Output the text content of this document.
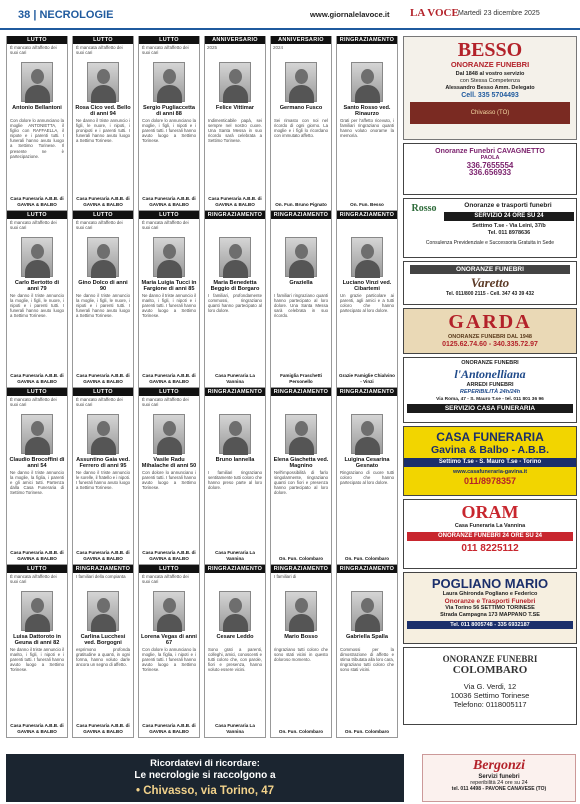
38 | NECROLOGIE	www.giornalelavoce.it LA VOCE Martedì 23 dicembre 2025
LUTTO
È mancato all'affetto dei suoi cari
Antonio Bellantoni
Con dolore lo annunciano la moglie ANTONIETTA, il figlio con RAFFAELLA, il nipote e i parenti tutti. I funerali hanno avuto luogo a Settimo Torinese. Il presente ne è partecipazione.
Casa Funeraria A.B.B. di GAVINA & BALBO
LUTTO
È mancato all'affetto dei suoi cari
Carlo Bertotto di anni 79
Ne danno il triste annuncio la moglie, i figli, le nuore, i nipoti e i parenti tutti. I funerali hanno avuto luogo a Settimo Torinese.
Casa Funeraria A.B.B. di GAVINA & BALBO
LUTTO
È mancato all'affetto dei suoi cari
Claudio Brocoffini di anni 54
Ne danno il triste annuncio la moglie, la figlia, i parenti e gli amici tutti. Partenza dalla Casa Funeraria di Settimo Torinese.
Casa Funeraria A.B.B. di GAVINA & BALBO
LUTTO
È mancata all'affetto dei suoi cari
Luisa Dattoroto in Geuna di anni 82
Ne danno il triste annuncio il marito, i figli, i nipoti e i parenti tutti. I funerali hanno avuto luogo a Settimo Torinese.
Casa Funeraria A.B.B. di GAVINA & BALBO
LUTTO
È mancata all'affetto dei suoi cari
Rosa Cico ved. Bello di anni 94
Ne danno il triste annuncio i figli, le nuore, i nipoti, i pronipoti e i parenti tutti. I funerali hanno avuto luogo a Settimo Torinese.
Casa Funeraria A.B.B. di GAVINA & BALBO
LUTTO
È mancato all'affetto dei suoi cari
Gino Dolco di anni 90
Ne danno il triste annuncio la moglie, i figli, le nuore, i nipoti e i parenti tutti. I funerali hanno avuto luogo a Settimo Torinese.
Casa Funeraria A.B.B. di GAVINA & BALBO
LUTTO
È mancato all'affetto dei suoi cari
Assuntino Gaia ved. Ferrero di anni 95
Ne danno il triste annuncio le sorelle, il fratello e i nipoti. I funerali hanno avuto luogo a Settimo Torinese.
Casa Funeraria A.B.B. di GAVINA & BALBO
RINGRAZIAMENTO
I familiari della compianta
Carlina Lucchesi ved. Borgogni
esprimono profonda gratitudine a quanti, in ogni forma, hanno voluto darle ancora un segno di affetto.
Casa Funeraria A.B.B. di GAVINA & BALBO
LUTTO
È mancato all'affetto dei suoi cari
Sergio Pugliaccetta di anni 88
Con dolore lo annunciano la moglie, i figli, i nipoti e i parenti tutti. I funerali hanno avuto luogo a Settimo Torinese.
Casa Funeraria A.B.B. di GAVINA & BALBO
LUTTO
È mancata all'affetto dei suoi cari
Maria Luigia Tucci in Fargione di anni 85
Ne danno il triste annuncio il marito, i figli, i nipoti e i parenti tutti. I funerali hanno avuto luogo a Settimo Torinese.
Casa Funeraria A.B.B. di GAVINA & BALBO
LUTTO
È mancato all'affetto dei suoi cari
Vasile Radu Mihalache di anni 50
Con dolore lo annunciano i parenti tutti. I funerali hanno avuto luogo a Settimo Torinese.
Casa Funeraria A.B.B. di GAVINA & BALBO
LUTTO
È mancata all'affetto dei suoi cari
Lorena Vegas di anni 67
Con dolore lo annunciano la moglie, la figlia, i nipoti e i parenti tutti. I funerali hanno avuto luogo a Settimo Torinese.
Casa Funeraria A.B.B. di GAVINA & BALBO
ANNIVERSARIO
2025
Felice Vittimar
Indimenticabile papà, sei sempre nel nostro cuore. Una Santa Messa in suo ricordo sarà celebrata a Settimo Torinese.
Casa Funeraria A.B.B. di GAVINA & BALBO
RINGRAZIAMENTO
Maria Benedetta Beggio di Borgaro
I familiari, profondamente commossi, ringraziano quanti hanno partecipato al loro dolore.
Casa Funeraria La Vannina
RINGRAZIAMENTO
Bruno Iannella
I familiari ringraziano sentitamente tutti coloro che hanno preso parte al loro dolore.
Casa Funeraria La Vannina
RINGRAZIAMENTO
Cesare Leddo
Sono grati a parenti, colleghi, amici, conoscenti e tutti coloro che, con parole, fiori e presenza, hanno voluto essere vicini.
Casa Funeraria La Vannina
ANNIVERSARIO
2024
Germano Fusco
Sei rimasto con noi nel ricordo di ogni giorno. La moglie e i figli lo ricordano con immutato affetto.
On. Fun. Bruno Pignato
RINGRAZIAMENTO
Graziella
I familiari ringraziano quanti hanno partecipato al loro dolore. Una Santa Messa sarà celebrata in suo ricordo.
Famiglia Fraschetti Personello
RINGRAZIAMENTO
Elena Giachetta ved. Magnino
Nell'impossibilità di farlo singolarmente, ringraziano quanti con fiori e presenza hanno partecipato al loro dolore.
On. Fun. Colombaro
RINGRAZIAMENTO
I familiari di
Mario Bosso
ringraziano tutti coloro che sono stati vicini in questo doloroso momento.
On. Fun. Colombaro
RINGRAZIAMENTO
Santo Rosso ved. Rinaurzo
Grati per l'affetto ricevuto, i familiari ringraziano quanti hanno voluto onorarne la memoria.
On. Fun. Besso
RINGRAZIAMENTO
Luciano Vinzi ved. Cibartemi
Un grazie particolare ai parenti, agli amici e a tutti coloro che hanno partecipato al loro dolore.
Grazie Famiglie Chialvino - Vinzi
RINGRAZIAMENTO
Luigina Cesarina Gesnato
Ringraziano di cuore tutti coloro che hanno partecipato al loro dolore.
On. Fun. Colombaro
RINGRAZIAMENTO
Gabriella Spalla
Commossi per la dimostrazione di affetto e stima tributata alla loro cara, ringraziano tutti coloro che sono stati vicini.
On. Fun. Colombaro
BESSO
ONORANZE FUNEBRI
Dal 1848 al vostro servizio
con Stessa Competenza
Alessandro Besso Amm. Delegato
Cell. 335 5704493
Chivasso (TO)
Onoranze Funebri CAVAGNETTO
PAOLA
336.7655554
336.656933
Rosso	Onoranze e trasporti funebri
SERVIZIO 24 ORE SU 24
Settimo T.se - Via Leini, 37/b
Tel. 011 8978636
Consulenza Previdenziale e Successoria Gratuita in Sede
ONORANZE FUNEBRI
Varetto
Tel. 011/800 2115 - Cell. 347 43 39 432
GARDA
ONORANZE FUNEBRI DAL 1948
0125.62.74.60 - 340.335.72.97
ONORANZE FUNEBRI
l'Antonelliana
ARREDI FUNEBRI
REPERIBILITÀ 24h/24h
Via Roma, 47 - S. Mauro T.se - tel. 011 801 36 96
SERVIZIO CASA FUNERARIA
CASA FUNERARIA
Gavina & Balbo - A.B.B.
Settimo T.se - S. Mauro T.se - Torino
www.casafuneraria-gavina.it
011/8978357
ORAM
Casa Funeraria La Vannina
ONORANZE FUNEBRI 24 ORE SU 24
011 8225112
POGLIANO MARIO
Laura Ghironda Pogliano e Federico
Onoranze e Trasporti Funebri
Via Torino 56 SETTIMO TORINESE
Strada Campagna 173 MAPPANO T.SE
Tel. 011 8005748 - 335 6932187
ONORANZE FUNEBRI
COLOMBARO
Via G. Verdi, 12
10036 Settimo Torinese
Telefono: 0118005117
Ricordatevi di ricordare:
Le necrologie si raccolgono a
• Chivasso, via Torino, 47
Bergonzi
Servizi funebri
reperibilità 24 ore su 24
tel. 011 4498 - PAVONE CANAVESE (TO)
